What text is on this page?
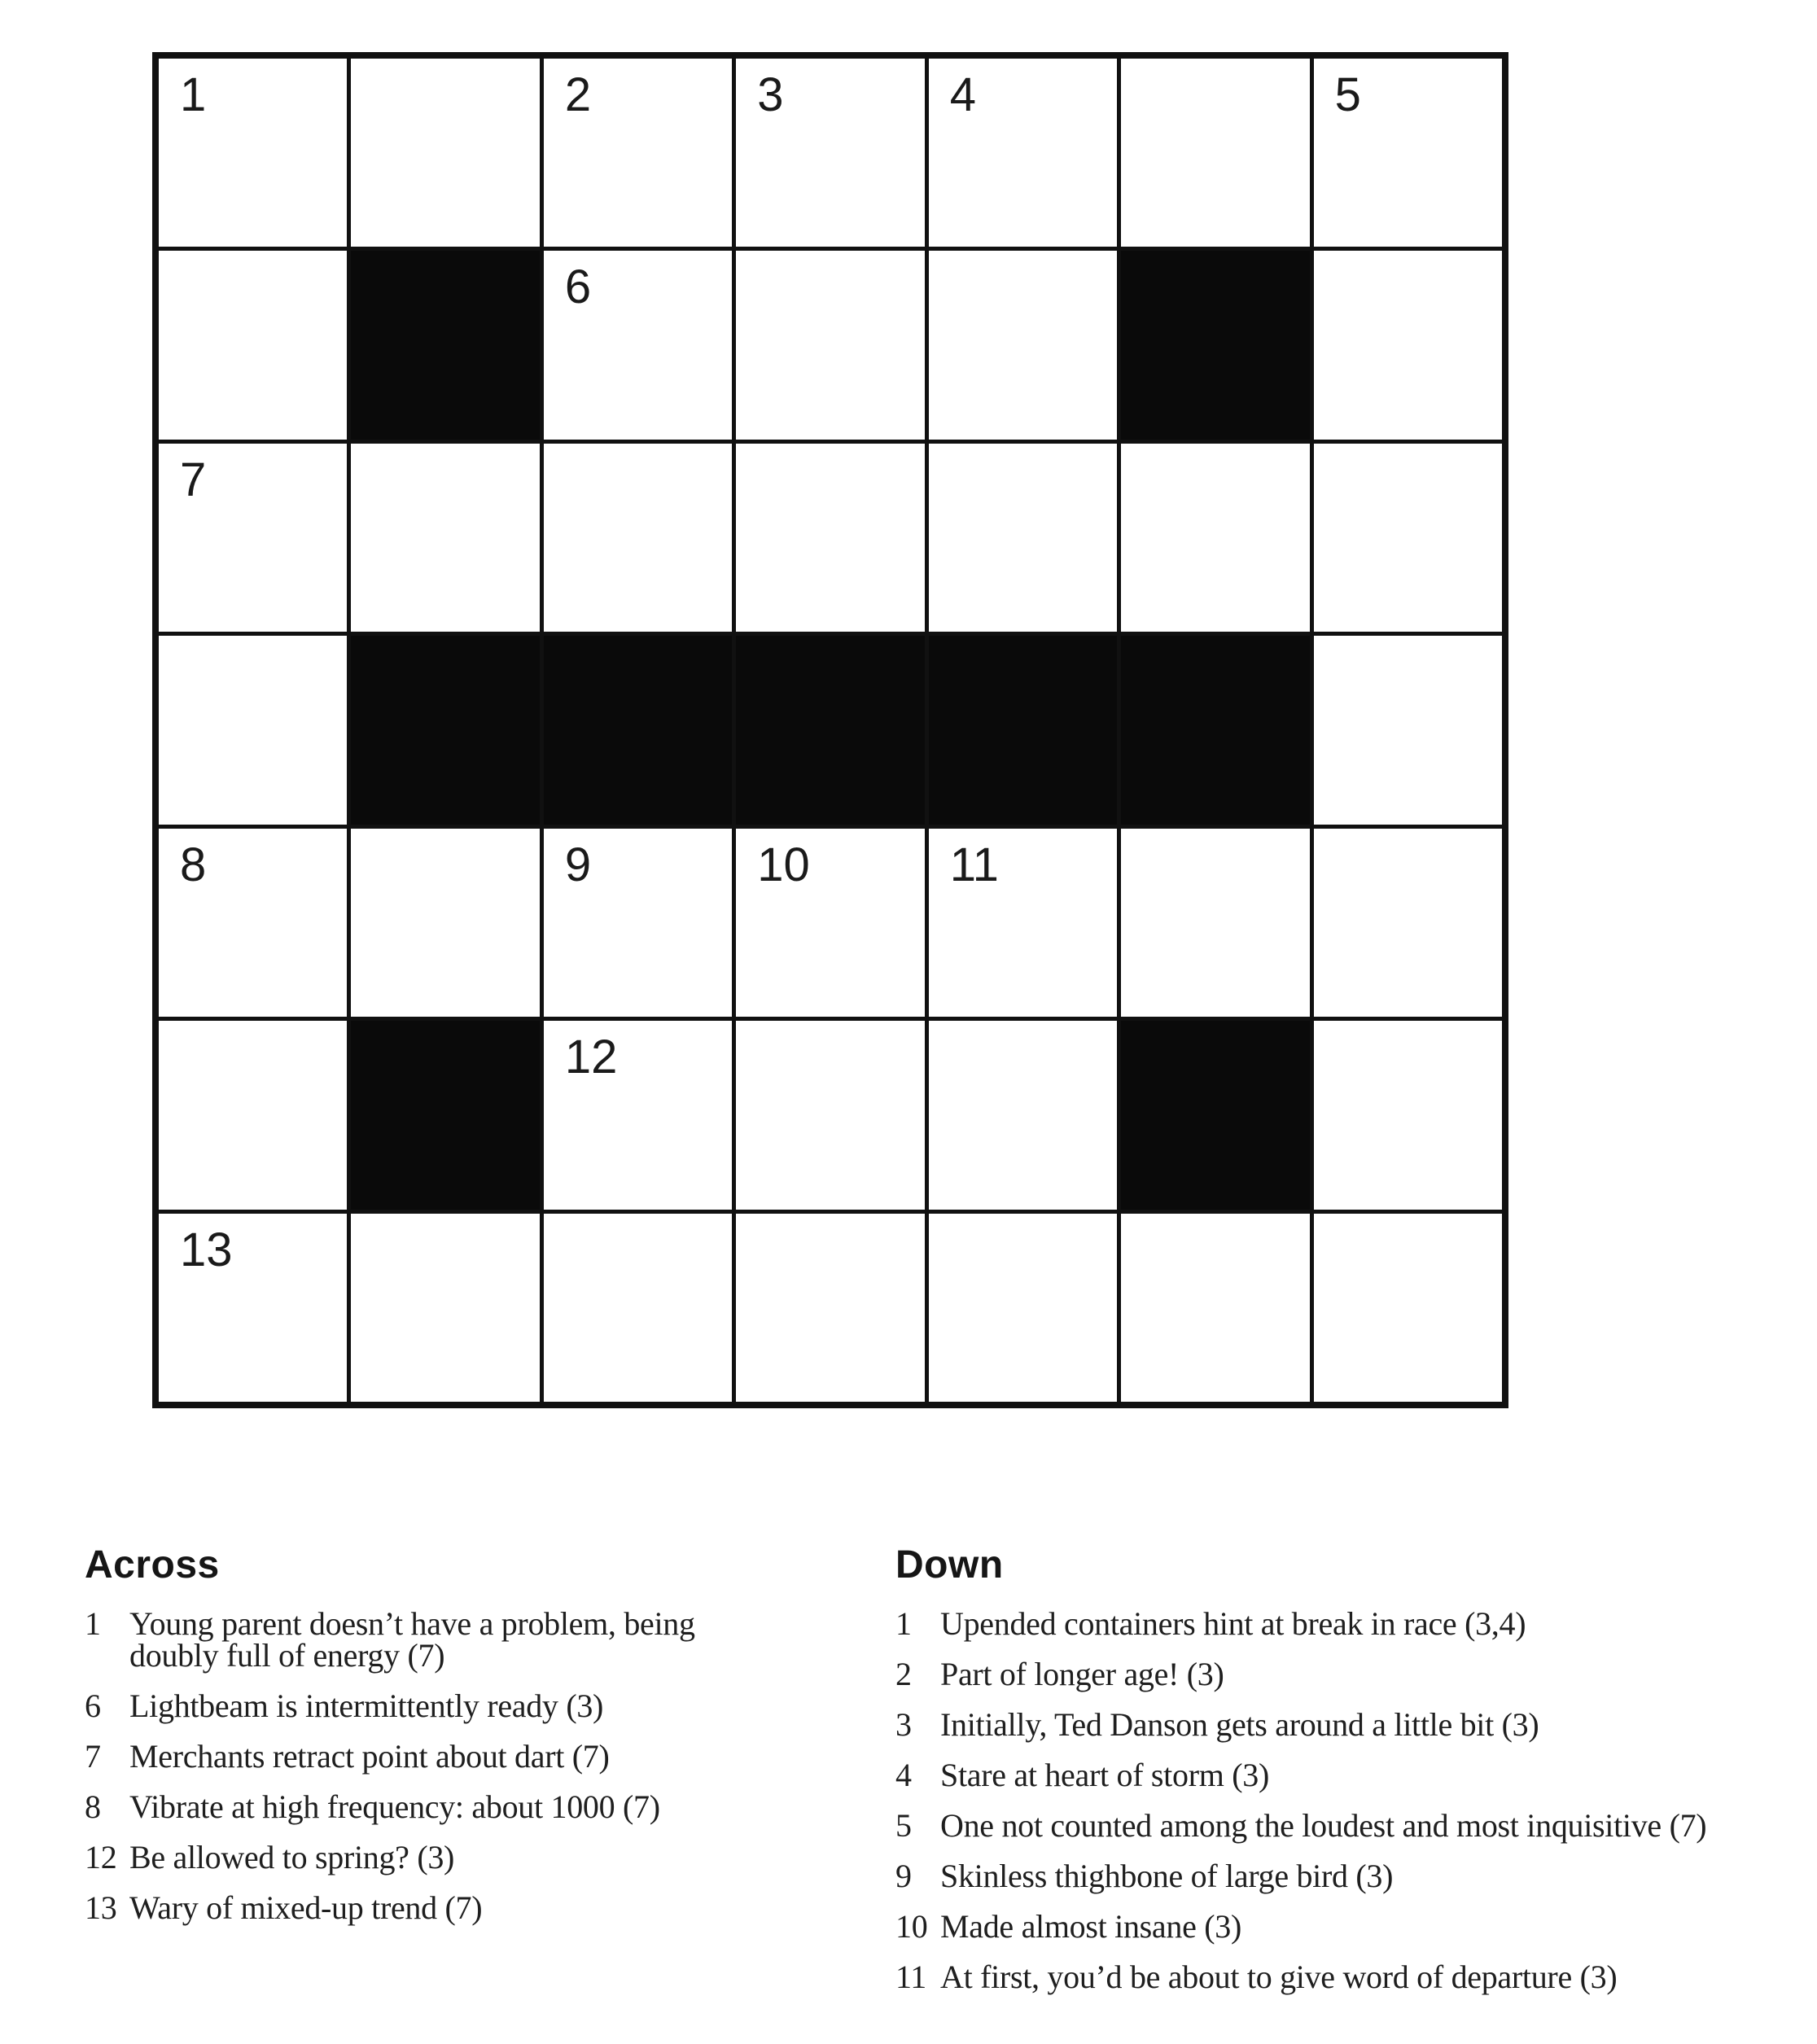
1	2	3	4	5
6
7
8	9	10	11
12
13
Across
1 Young parent doesn’t have a problem, being doubly full of energy (7)
6 Lightbeam is intermittently ready (3)
7 Merchants retract point about dart (7)
8 Vibrate at high frequency: about 1000 (7)
12 Be allowed to spring? (3)
13 Wary of mixed-up trend (7)
Down
1 Upended containers hint at break in race (3,4)
2 Part of longer age! (3)
3 Initially, Ted Danson gets around a little bit (3)
4 Stare at heart of storm (3)
5 One not counted among the loudest and most inquisitive (7)
9 Skinless thighbone of large bird (3)
10 Made almost insane (3)
11 At first, you’d be about to give word of departure (3)
